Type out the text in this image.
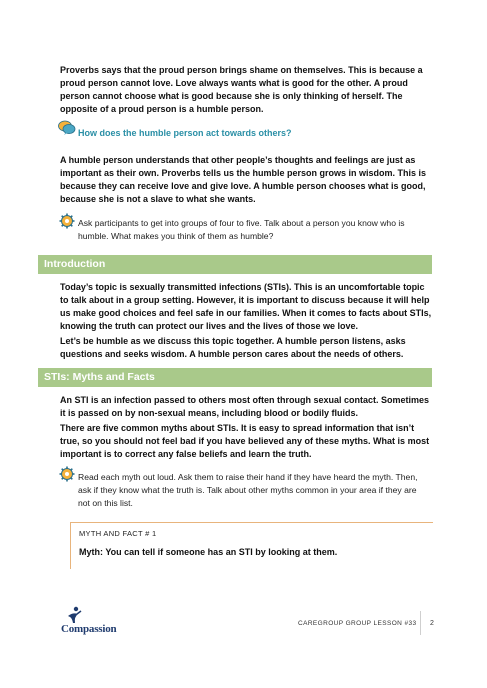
Proverbs says that the proud person brings shame on themselves. This is because a proud person cannot love. Love always wants what is good for the other. A proud person cannot choose what is good because she is only thinking of herself. The opposite of a proud person is a humble person.

How does the humble person act towards others?

A humble person understands that other people’s thoughts and feelings are just as important as their own. Proverbs tells us the humble person grows in wisdom. This is because they can receive love and give love. A humble person chooses what is good, because she is not a slave to what she wants.

Ask participants to get into groups of four to five. Talk about a person you know who is humble. What makes you think of them as humble?

Introduction

Today’s topic is sexually transmitted infections (STIs). This is an uncomfortable topic to talk about in a group setting. However, it is important to discuss because it will help us make good choices and feel safe in our families. When it comes to facts about STIs, knowing the truth can protect our lives and the lives of those we love.

Let’s be humble as we discuss this topic together. A humble person listens, asks questions and seeks wisdom. A humble person cares about the needs of others.

STIs: Myths and Facts

An STI is an infection passed to others most often through sexual contact. Sometimes it is passed on by non-sexual means, including blood or bodily fluids.

There are five common myths about STIs. It is easy to spread information that isn’t true, so you should not feel bad if you have believed any of these myths. What is most important is to correct any false beliefs and learn the truth.

Read each myth out loud. Ask them to raise their hand if they have heard the myth. Then, ask if they know what the truth is. Talk about other myths common in your area if they are not on this list.

MYTH AND FACT # 1
Myth: You can tell if someone has an STI by looking at them.
Compassion	CAREGROUP GROUP LESSON #33 2
